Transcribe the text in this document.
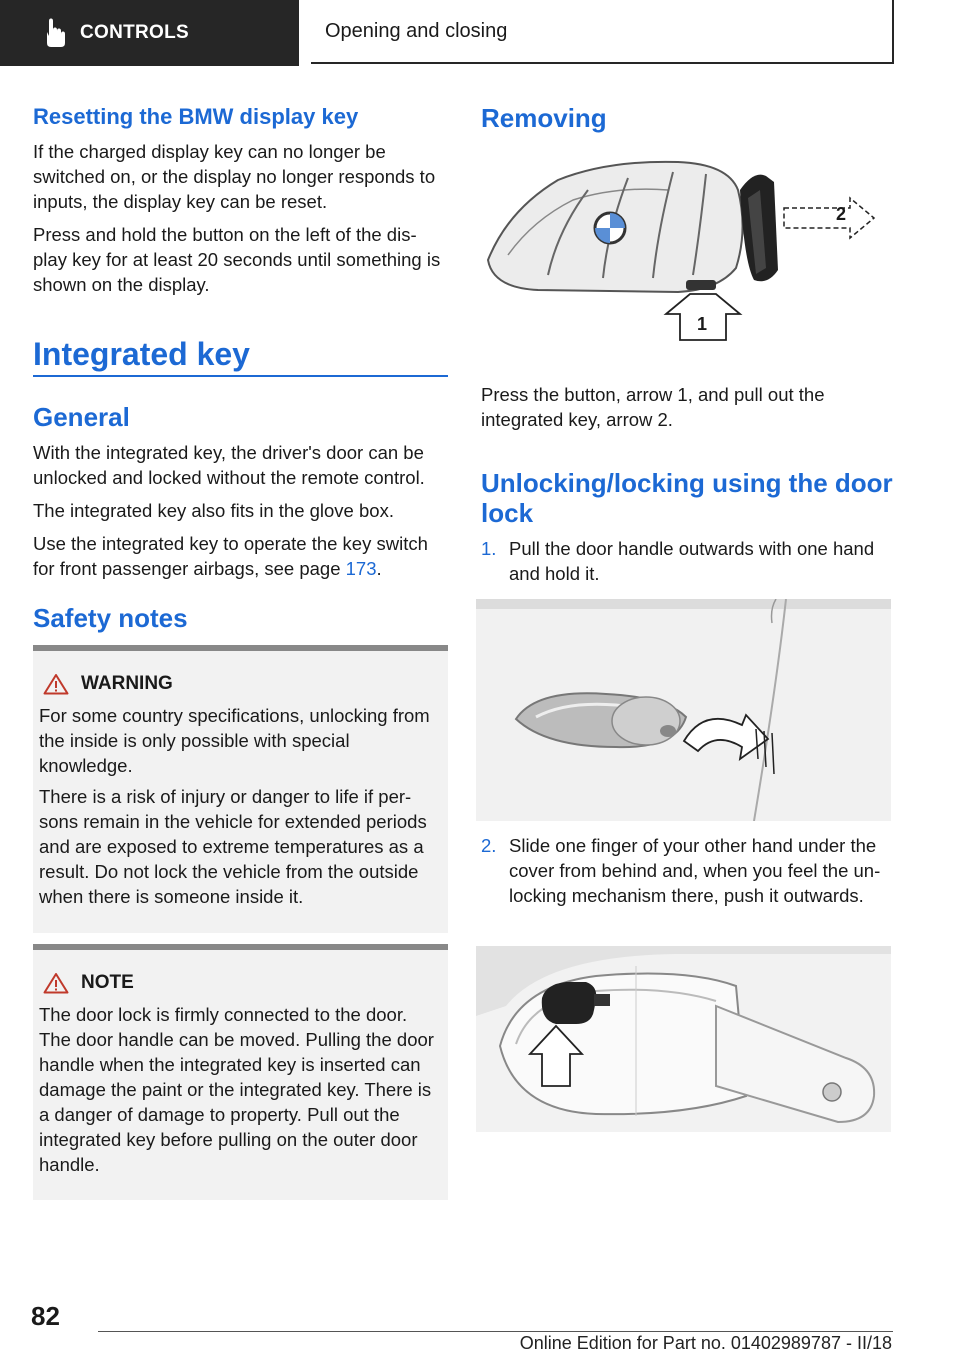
CONTROLS	Opening and closing
Resetting the BMW display key

If the charged display key can no longer be switched on, or the display no longer responds to inputs, the display key can be reset.

Press and hold the button on the left of the dis‐ play key for at least 20 seconds until something is shown on the display.

Integrated key
General

With the integrated key, the driver's door can be unlocked and locked without the remote control.

The integrated key also fits in the glove box.

Use the integrated key to operate the key switch for front passenger airbags, see page 173.

Safety notes
WARNING

For some country specifications, unlocking from the inside is only possible with special knowledge.

There is a risk of injury or danger to life if per‐ sons remain in the vehicle for extended periods and are exposed to extreme temperatures as a result. Do not lock the vehicle from the outside when there is someone inside it.

NOTE

The door lock is firmly connected to the door. The door handle can be moved. Pulling the door handle when the integrated key is inserted can damage the paint or the integrated key. There is a danger of damage to property. Pull out the integrated key before pulling on the outer door handle.

Removing
2
1

Press the button, arrow 1, and pull out the integrated key, arrow 2.

Unlocking/locking using the door lock
1. Pull the door handle outwards with one hand and hold it.

2. Slide one finger of your other hand under the cover from behind and, when you feel the un‐ locking mechanism there, push it outwards.

82
Online Edition for Part no. 01402989787 - II/18
